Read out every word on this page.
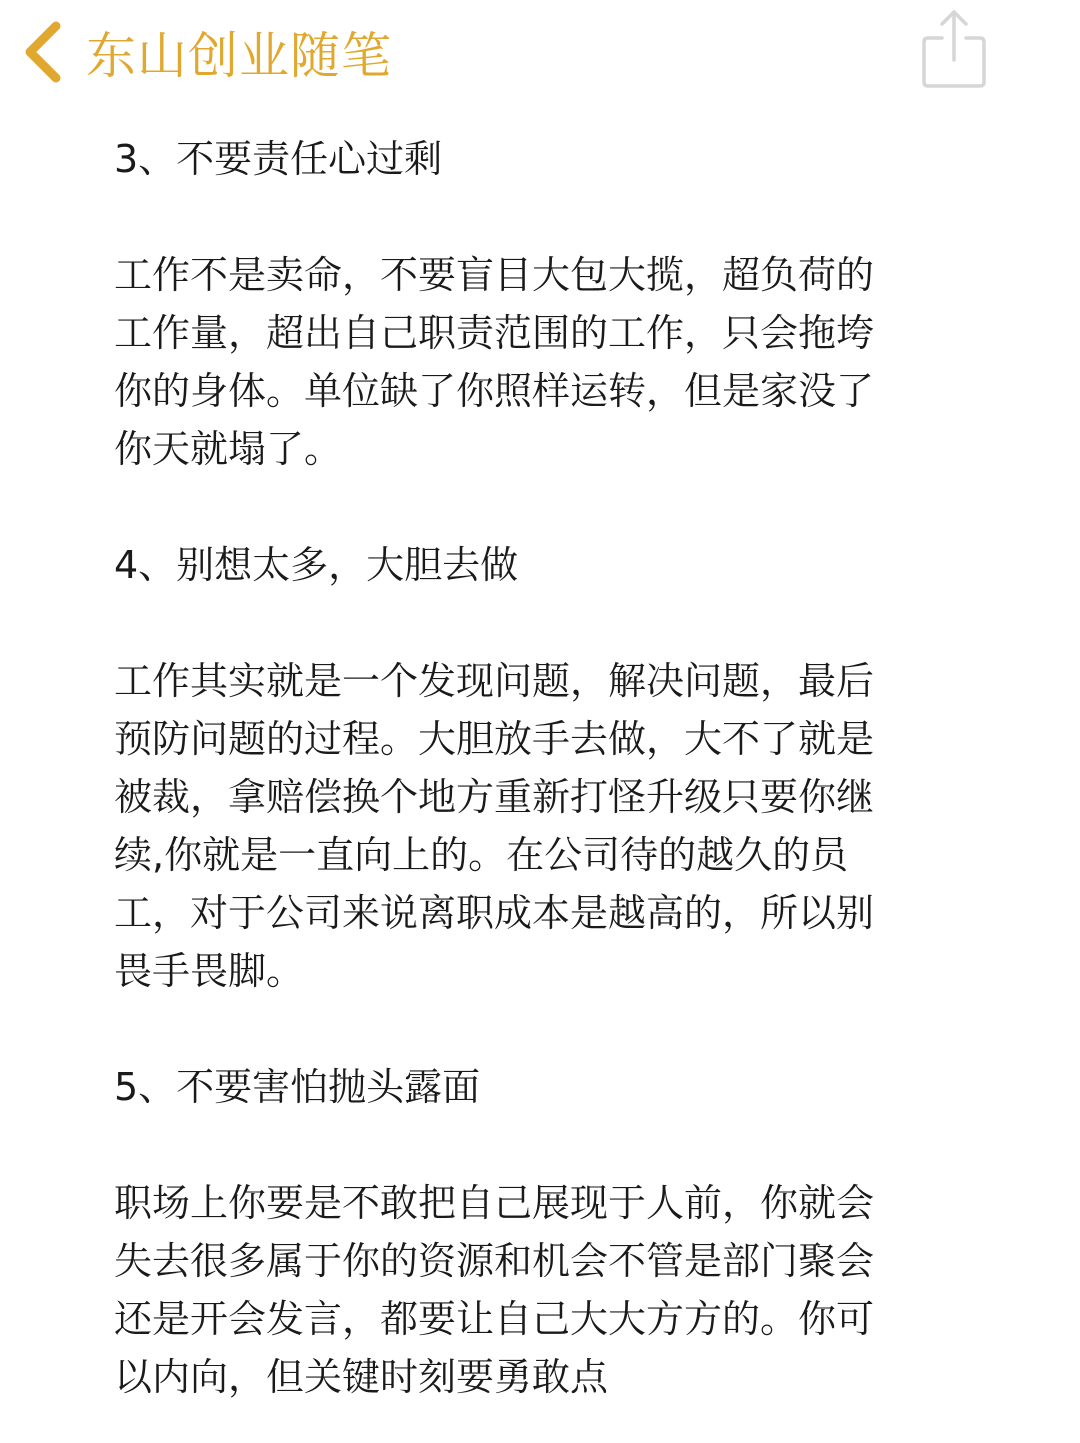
东山创业随笔

3、不要责任心过剩

工作不是卖命，不要盲目大包大揽，超负荷的
工作量，超出自己职责范围的工作，只会拖垮
你的身体。单位缺了你照样运转，但是家没了
你天就塌了。

4、别想太多，大胆去做

工作其实就是一个发现问题，解决问题，最后
预防问题的过程。大胆放手去做，大不了就是
被裁，拿赔偿换个地方重新打怪升级只要你继
续,你就是一直向上的。在公司待的越久的员
工，对于公司来说离职成本是越高的，所以别
畏手畏脚。

5、不要害怕抛头露面

职场上你要是不敢把自己展现于人前，你就会
失去很多属于你的资源和机会不管是部门聚会
还是开会发言，都要让自己大大方方的。你可
以内向，但关键时刻要勇敢点
